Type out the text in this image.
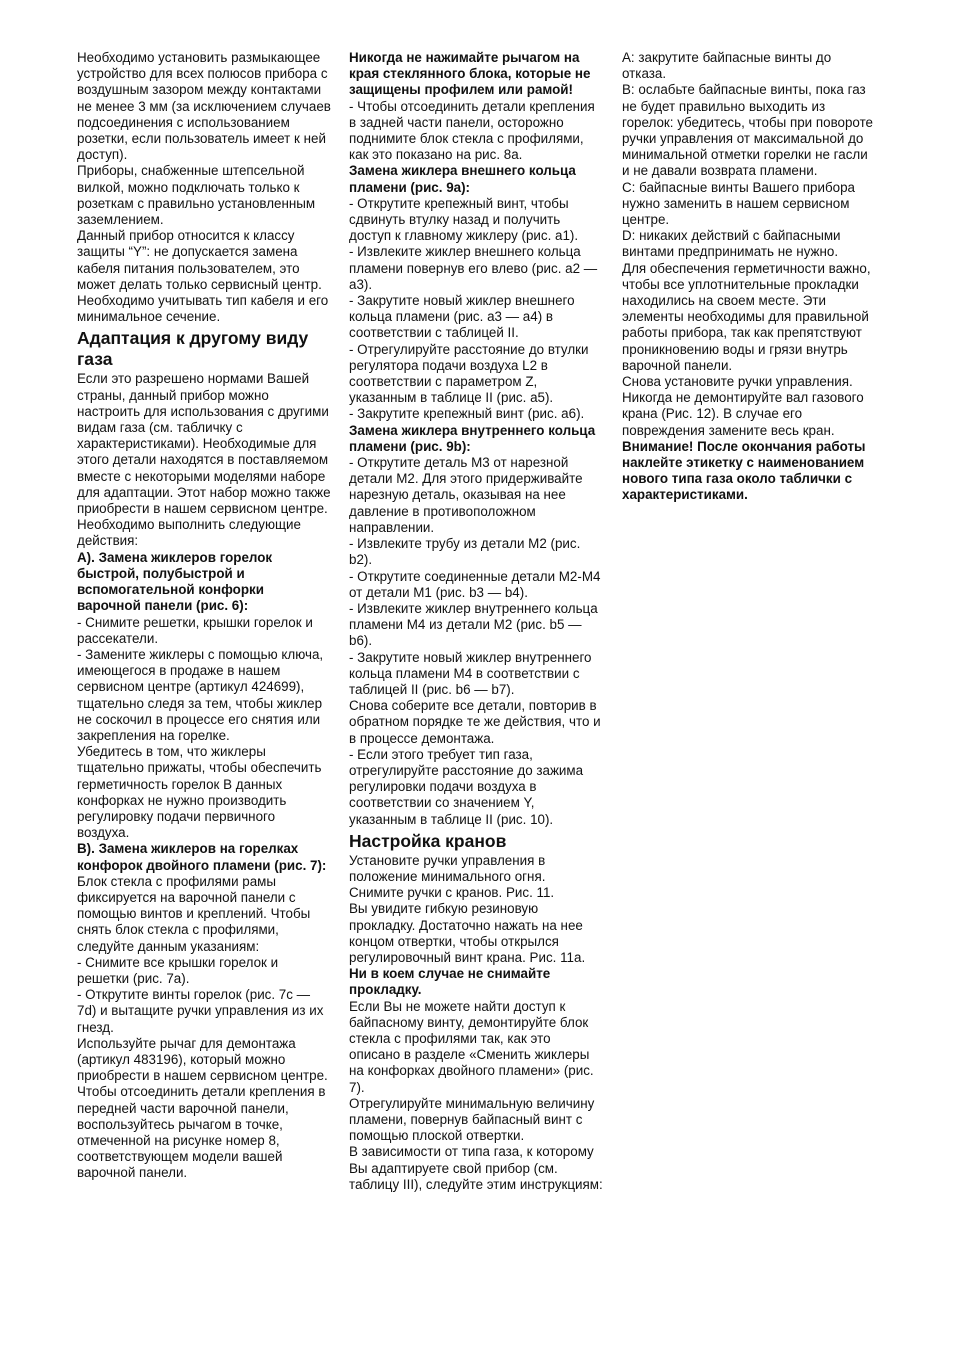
Необходимо установить размыкающее устройство для всех полюсов прибора с воздушным зазором между контактами не менее 3 мм (за исключением случаев подсоединения с использованием розетки, если пользователь имеет к ней доступ).

Приборы, снабженные штепсельной вилкой, можно подключать только к розеткам с правильно установленным заземлением.

Данный прибор относится к классу защиты “Y”: не допускается замена кабеля питания пользователем, это может делать только сервисный центр. Необходимо учитывать тип кабеля и его минимальное сечение.

Адаптация к другому виду газа

Если это разрешено нормами Вашей страны, данный прибор можно настроить для использования с другими видам газа (см. табличку с характеристиками). Необходимые для этого детали находятся в поставляемом вместе с некоторыми моделями наборе для адаптации. Этот набор можно также приобрести в нашем сервисном центре.

Необходимо выполнить следующие действия:

А). Замена жиклеров горелок быстрой, полубыстрой и вспомогательной конфорки варочной панели (рис. 6):

- Снимите решетки, крышки горелок и рассекатели.

- Замените жиклеры с помощью ключа, имеющегося в продаже в нашем сервисном центре (артикул 424699), тщательно следя за тем, чтобы жиклер не соскочил в процессе его снятия или закрепления на горелке.

Убедитесь в том, что жиклеры тщательно прижаты, чтобы обеспечить герметичность горелок В данных конфорках не нужно производить регулировку подачи первичного воздуха.

В). Замена жиклеров на горелках конфорок двойного пламени (рис. 7):

Блок стекла с профилями рамы фиксируется на варочной панели с помощью винтов и креплений. Чтобы снять блок стекла с профилями, следуйте данным указаниям:

- Снимите все крышки горелок и решетки (рис. 7а).

- Открутите винты горелок (рис. 7с — 7d) и вытащите ручки управления из их гнезд.

Используйте рычаг для демонтажа (артикул 483196), который можно приобрести в нашем сервисном центре. Чтобы отсоединить детали крепления в передней части варочной панели, воспользуйтесь рычагом в точке, отмеченной на рисунке номер 8, соответствующем модели вашей варочной панели.

Никогда не нажимайте рычагом на края стеклянного блока, которые не защищены профилем или рамой!

- Чтобы отсоединить детали крепления в задней части панели, осторожно поднимите блок стекла с профилями, как это показано на рис. 8а.

Замена жиклера внешнего кольца пламени (рис. 9а):

- Открутите крепежный винт, чтобы сдвинуть втулку назад и получить доступ к главному жиклеру (рис. а1).

- Извлеките жиклер внешнего кольца пламени повернув его влево (рис. а2 — а3).

- Закрутите новый жиклер внешнего кольца пламени (рис. а3 — а4) в соответствии с таблицей II.

- Отрегулируйте расстояние до втулки регулятора подачи воздуха L2 в соответствии с параметром Z, указанным в таблице II (рис. а5).

- Закрутите крепежный винт (рис. а6).

Замена жиклера внутреннего кольца пламени (рис. 9b):

- Открутите деталь М3 от нарезной детали М2. Для этого придерживайте нарезную деталь, оказывая на нее давление в противоположном направлении.

- Извлеките трубу из детали М2 (рис. b2).

- Открутите соединенные детали М2-М4 от детали М1 (рис. b3 — b4).

- Извлеките жиклер внутреннего кольца пламени М4 из детали М2 (рис. b5 — b6).

- Закрутите новый жиклер внутреннего кольца пламени М4 в соответствии с таблицей II (рис. b6 — b7).

Снова соберите все детали, повторив в обратном порядке те же действия, что и в процессе демонтажа.

- Если этого требует тип газа, отрегулируйте расстояние до зажима регулировки подачи воздуха в соответствии со значением Y, указанным в таблице II (рис. 10).

Настройка кранов

Установите ручки управления в положение минимального огня.

Снимите ручки с кранов. Рис. 11.

Вы увидите гибкую резиновую прокладку. Достаточно нажать на нее концом отвертки, чтобы открылся регулировочный винт крана. Рис. 11а.

Ни в коем случае не снимайте прокладку.

Если Вы не можете найти доступ к байпасному винту, демонтируйте блок стекла с профилями так, как это описано в разделе «Сменить жиклеры на конфорках двойного пламени» (рис. 7).

Отрегулируйте минимальную величину пламени, повернув байпасный винт с помощью плоской отвертки.

В зависимости от типа газа, к которому Вы адаптируете свой прибор (см. таблицу III), следуйте этим инструкциям:

А: закрутите байпасные винты до отказа.

В: ослабьте байпасные винты, пока газ не будет правильно выходить из горелок: убедитесь, чтобы при повороте ручки управления от максимальной до минимальной отметки горелки не гасли и не давали возврата пламени.

С: байпасные винты Вашего прибора нужно заменить в нашем сервисном центре.

D: никаких действий с байпасными винтами предпринимать не нужно.

Для обеспечения герметичности важно, чтобы все уплотнительные прокладки находились на своем месте. Эти элементы необходимы для правильной работы прибора, так как препятствуют проникновению воды и грязи внутрь варочной панели.

Снова установите ручки управления.

Никогда не демонтируйте вал газового крана (Рис. 12). В случае его повреждения замените весь кран.

Внимание! После окончания работы наклейте этикетку с наименованием нового типа газа около таблички с характеристиками.
